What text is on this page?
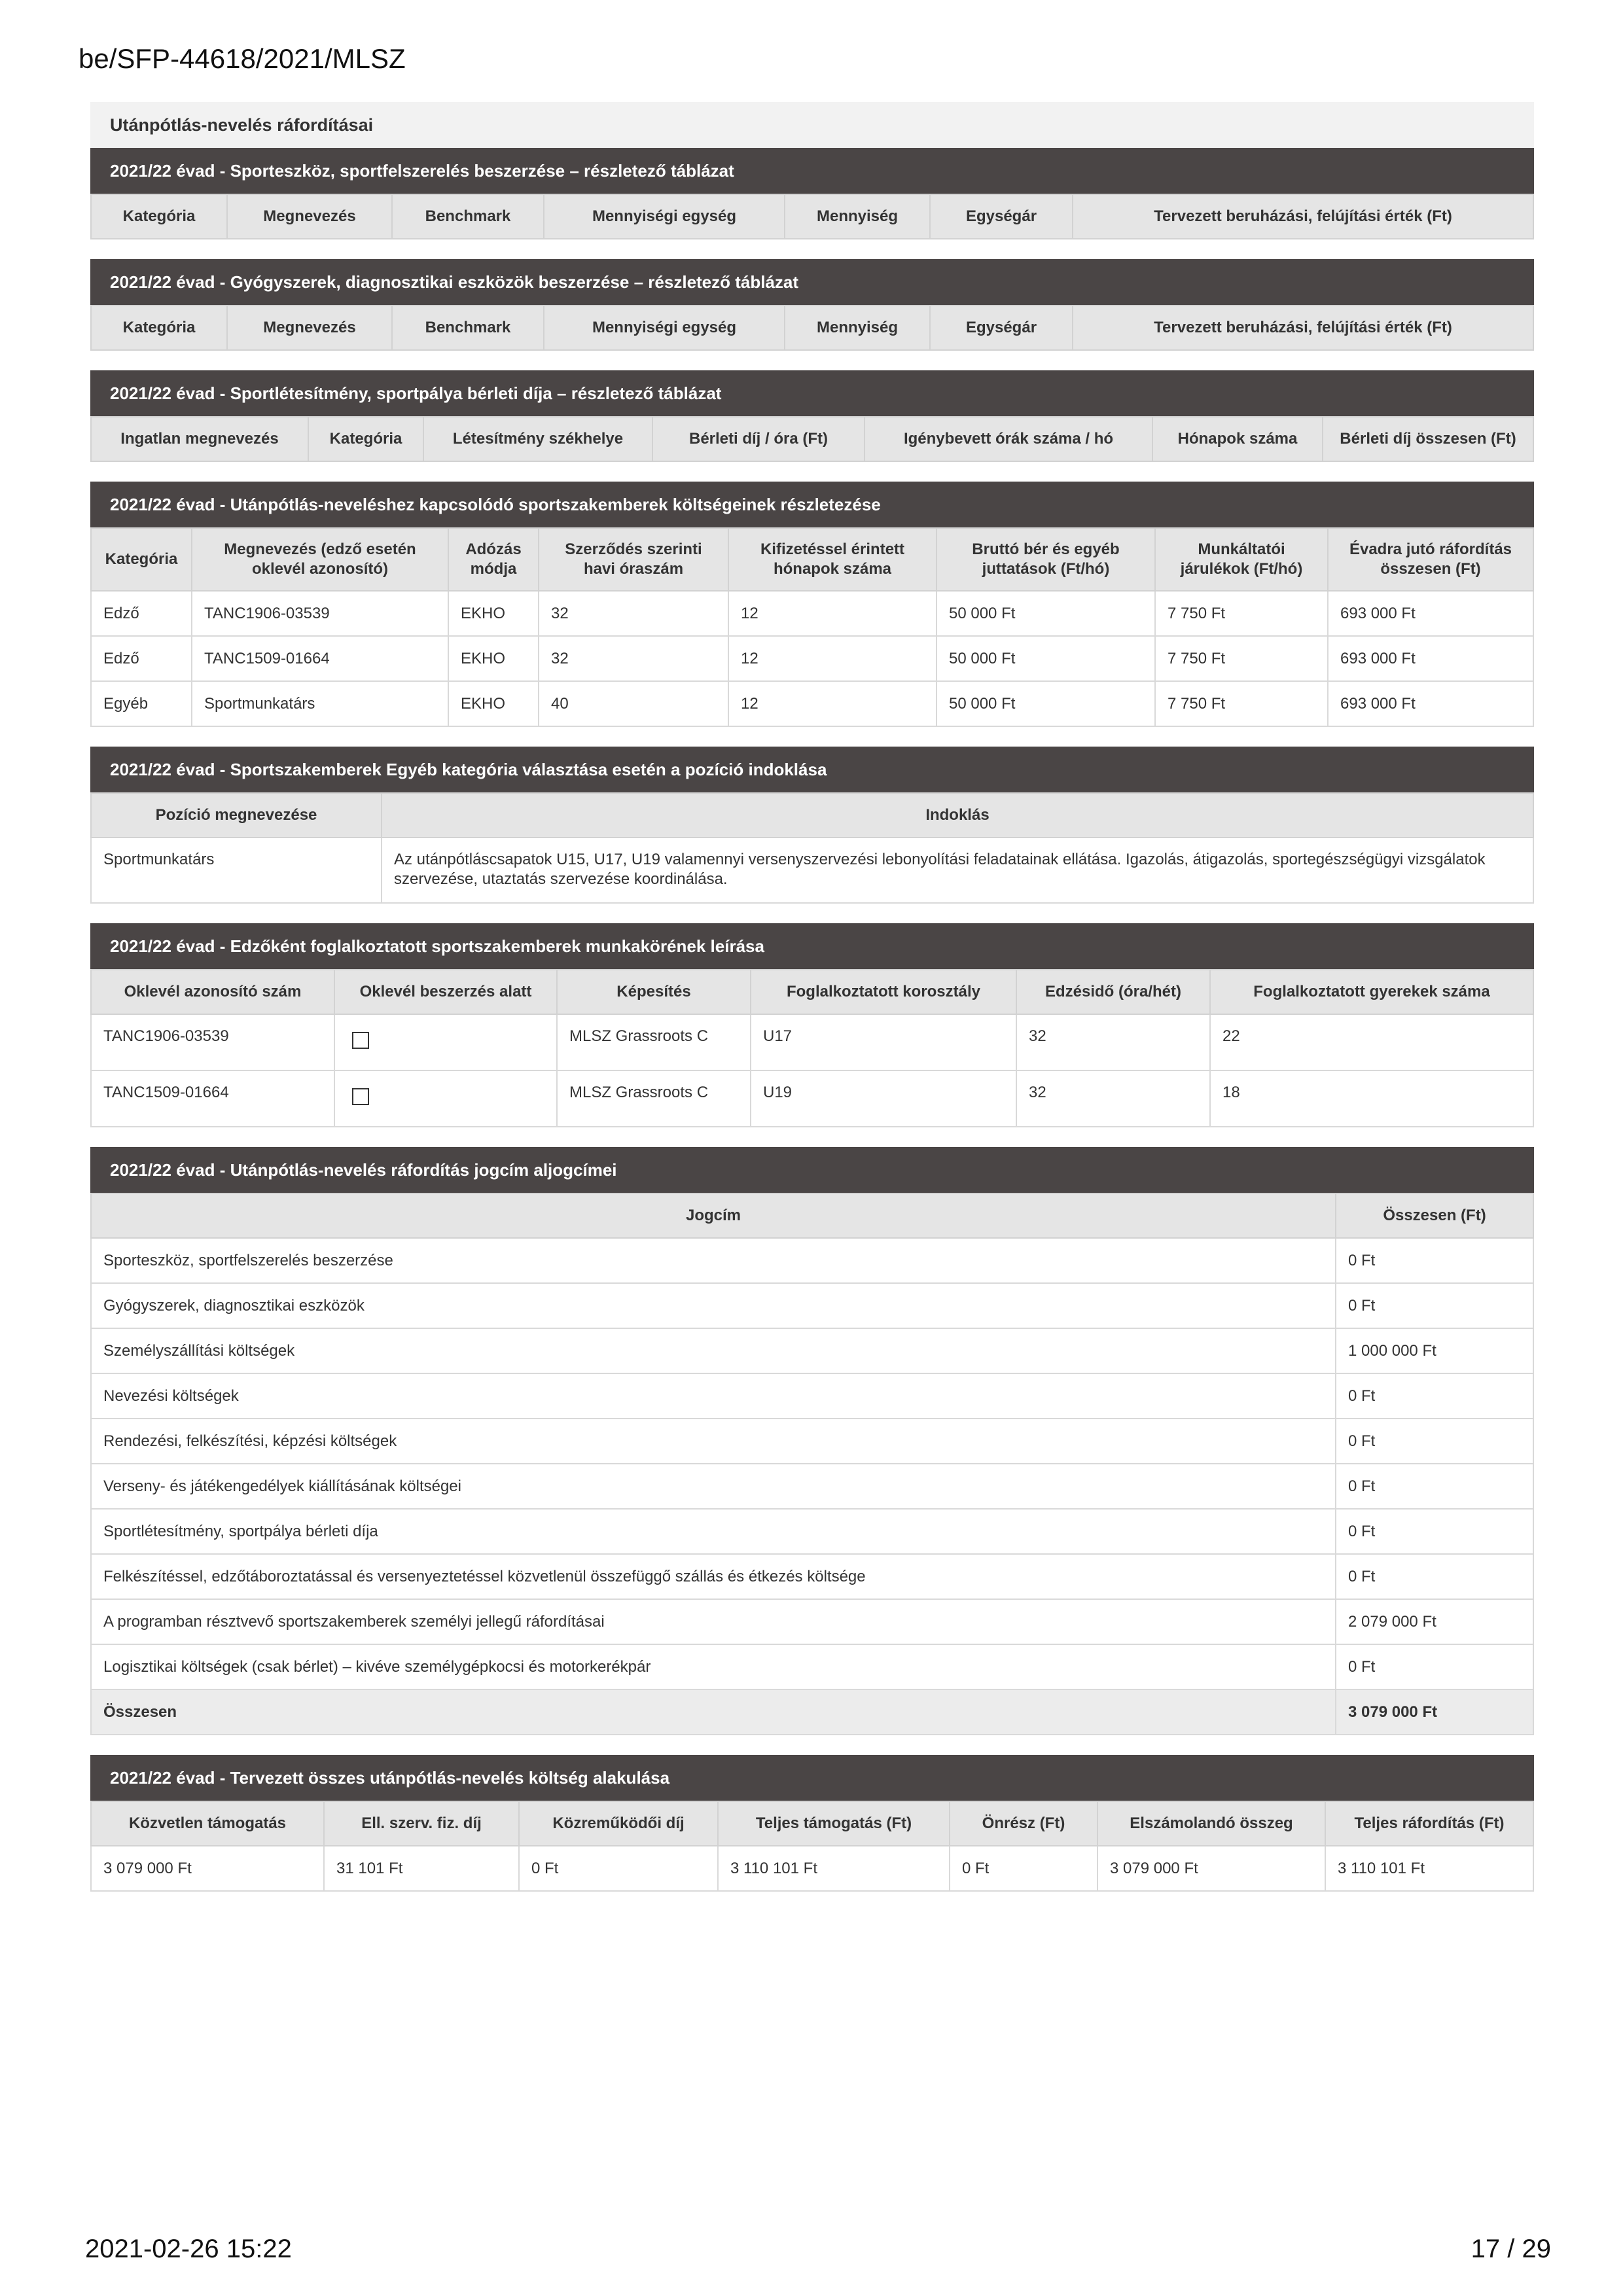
be/SFP-44618/2021/MLSZ
Utánpótlás-nevelés ráfordításai
2021/22 évad - Sporteszköz, sportfelszerelés beszerzése – részletező táblázat
Kategória	Megnevezés	Benchmark	Mennyiségi egység	Mennyiség	Egységár	Tervezett beruházási, felújítási érték (Ft)
2021/22 évad - Gyógyszerek, diagnosztikai eszközök beszerzése – részletező táblázat
Kategória	Megnevezés	Benchmark	Mennyiségi egység	Mennyiség	Egységár	Tervezett beruházási, felújítási érték (Ft)
2021/22 évad - Sportlétesítmény, sportpálya bérleti díja – részletező táblázat
Ingatlan megnevezés	Kategória	Létesítmény székhelye	Bérleti díj / óra (Ft)	Igénybevett órák száma / hó	Hónapok száma	Bérleti díj összesen (Ft)
2021/22 évad - Utánpótlás-neveléshez kapcsolódó sportszakemberek költségeinek részletezése
Kategória	Megnevezés (edző esetén oklevél azonosító)	Adózás módja	Szerződés szerinti havi óraszám	Kifizetéssel érintett hónapok száma	Bruttó bér és egyéb juttatások (Ft/hó)	Munkáltatói járulékok (Ft/hó)	Évadra jutó ráfordítás összesen (Ft)
Edző	TANC1906-03539	EKHO	32	12	50 000 Ft	7 750 Ft	693 000 Ft
Edző	TANC1509-01664	EKHO	32	12	50 000 Ft	7 750 Ft	693 000 Ft
Egyéb	Sportmunkatárs	EKHO	40	12	50 000 Ft	7 750 Ft	693 000 Ft
2021/22 évad - Sportszakemberek Egyéb kategória választása esetén a pozíció indoklása
Pozíció megnevezése	Indoklás
Sportmunkatárs	Az utánpótláscsapatok U15, U17, U19 valamennyi versenyszervezési lebonyolítási feladatainak ellátása. Igazolás, átigazolás, sportegészségügyi vizsgálatok szervezése, utaztatás szervezése koordinálása.
2021/22 évad - Edzőként foglalkoztatott sportszakemberek munkakörének leírása
Oklevél azonosító szám	Oklevél beszerzés alatt	Képesítés	Foglalkoztatott korosztály	Edzésidő (óra/hét)	Foglalkoztatott gyerekek száma
TANC1906-03539		MLSZ Grassroots C	U17	32	22
TANC1509-01664		MLSZ Grassroots C	U19	32	18
2021/22 évad - Utánpótlás-nevelés ráfordítás jogcím aljogcímei
Jogcím	Összesen (Ft)
Sporteszköz, sportfelszerelés beszerzése	0 Ft
Gyógyszerek, diagnosztikai eszközök	0 Ft
Személyszállítási költségek	1 000 000 Ft
Nevezési költségek	0 Ft
Rendezési, felkészítési, képzési költségek	0 Ft
Verseny- és játékengedélyek kiállításának költségei	0 Ft
Sportlétesítmény, sportpálya bérleti díja	0 Ft
Felkészítéssel, edzőtáboroztatással és versenyeztetéssel közvetlenül összefüggő szállás és étkezés költsége	0 Ft
A programban résztvevő sportszakemberek személyi jellegű ráfordításai	2 079 000 Ft
Logisztikai költségek (csak bérlet) – kivéve személygépkocsi és motorkerékpár	0 Ft
Összesen	3 079 000 Ft
2021/22 évad - Tervezett összes utánpótlás-nevelés költség alakulása
Közvetlen támogatás	Ell. szerv. fiz. díj	Közreműködői díj	Teljes támogatás (Ft)	Önrész (Ft)	Elszámolandó összeg	Teljes ráfordítás (Ft)
3 079 000 Ft	31 101 Ft	0 Ft	3 110 101 Ft	0 Ft	3 079 000 Ft	3 110 101 Ft
2021-02-26 15:22	17 / 29
